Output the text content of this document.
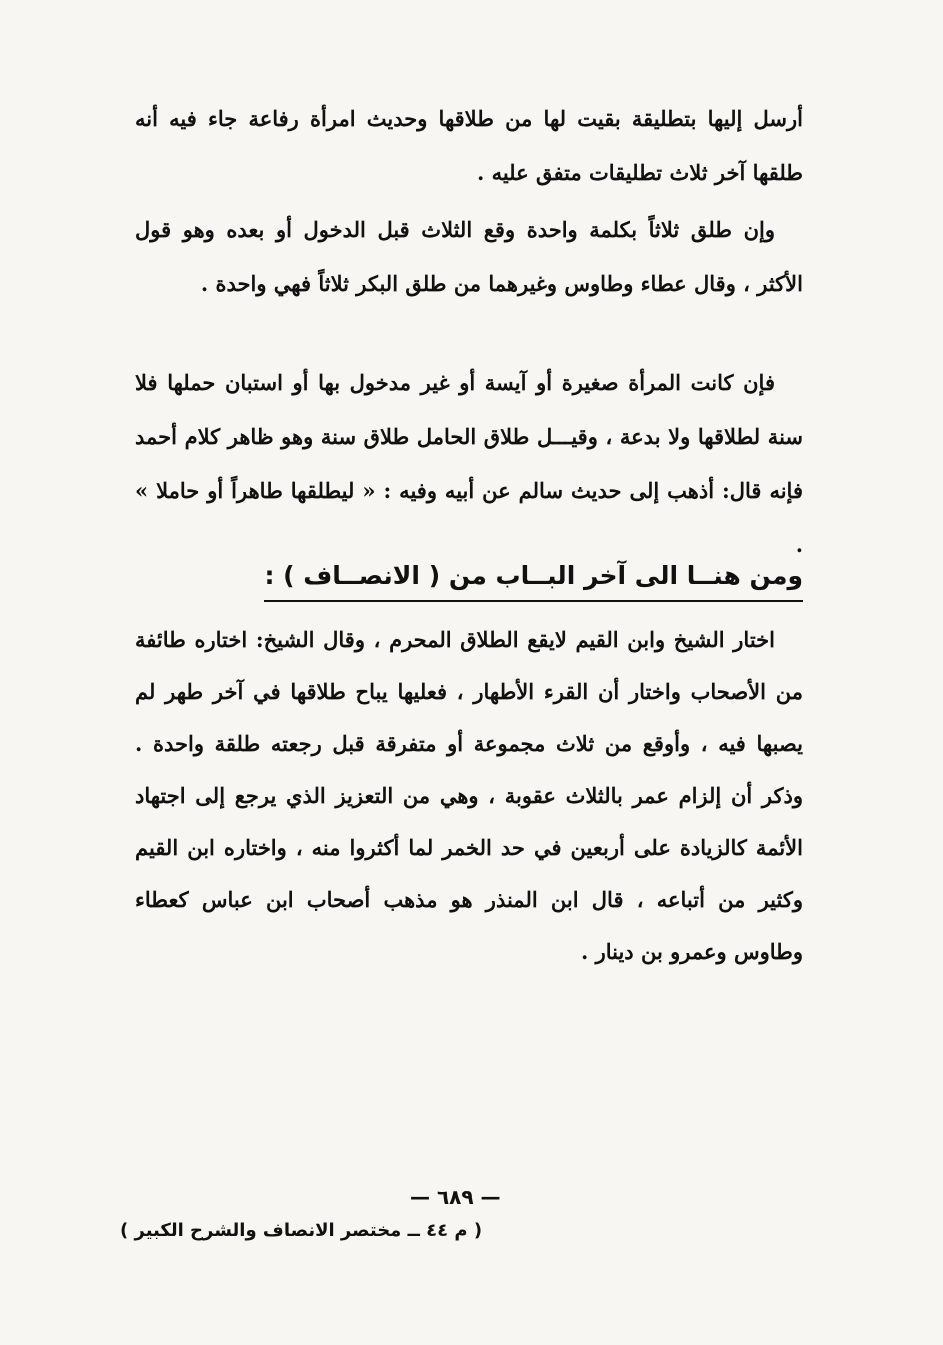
أرسل إليها بتطليقة بقيت لها من طلاقها وحديث امرأة رفاعة جاء فيه أنه طلقها آخر ثلاث تطليقات متفق عليه .

وإن طلق ثلاثاً بكلمة واحدة وقع الثلاث قبل الدخول أو بعده وهو قول الأكثر ، وقال عطاء وطاوس وغيرهما من طلق البكر ثلاثاً فهي واحدة .

فإن كانت المرأة صغيرة أو آيسة أو غير مدخول بها أو استبان حملها فلا سنة لطلاقها ولا بدعة ، وقيـــل طلاق الحامل طلاق سنة وهو ظاهر كلام أحمد فإنه قال: أذهب إلى حديث سالم عن أبيه وفيه : « ليطلقها طاهراً أو حاملا » .

ومن هنــا الى آخر البــاب من ( الانصــاف ) :

اختار الشيخ وابن القيم لايقع الطلاق المحرم ، وقال الشيخ: اختاره طائفة من الأصحاب واختار أن القرء الأطهار ، فعليها يباح طلاقها في آخر طهر لم يصبها فيه ، وأوقع من ثلاث مجموعة أو متفرقة قبل رجعته طلقة واحدة . وذكر أن إلزام عمر بالثلاث عقوبة ، وهي من التعزيز الذي يرجع إلى اجتهاد الأئمة كالزيادة على أربعين في حد الخمر لما أكثروا منه ، واختاره ابن القيم وكثير من أتباعه ، قال ابن المنذر هو مذهب أصحاب ابن عباس كعطاء وطاوس وعمرو بن دينار .

— ٦٨٩ —
( م ٤٤ ــ مختصر الانصاف والشرح الكبير )
